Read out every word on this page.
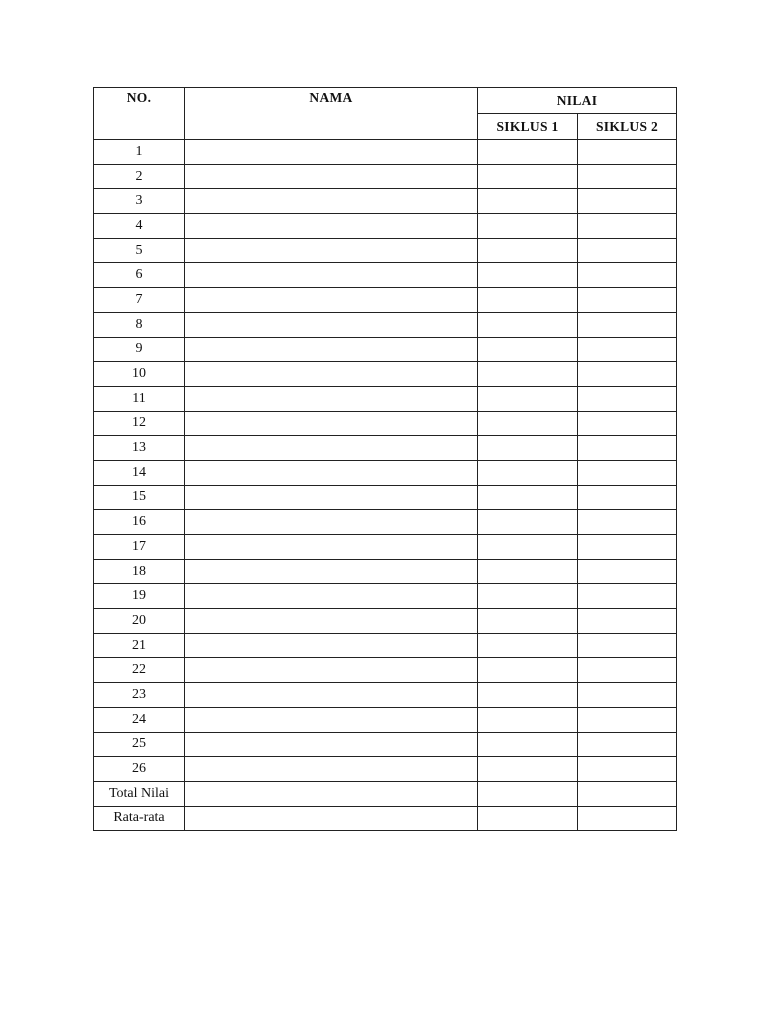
NO.	NAMA	NILAI	
		SIKLUS 1	SIKLUS 2
1			
2			
3			
4			
5			
6			
7			
8			
9			
10			
11			
12			
13			
14			
15			
16			
17			
18			
19			
20			
21			
22			
23			
24			
25			
26			
Total Nilai			
Rata-rata			
